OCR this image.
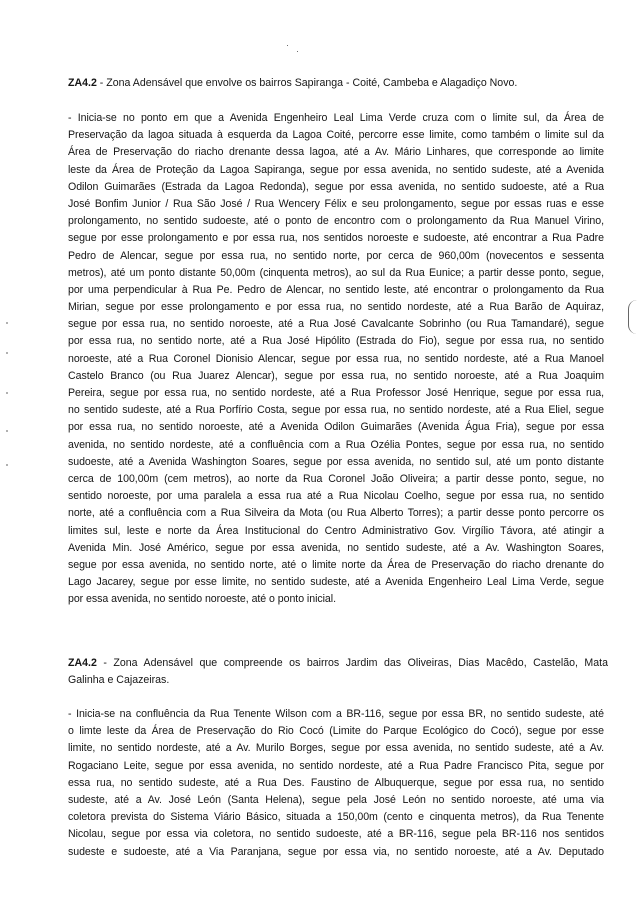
·
·

ZA4.2 - Zona Adensável que envolve os bairros Sapiranga - Coité, Cambeba e Alagadiço Novo.

- Inicia-se no ponto em que a Avenida Engenheiro Leal Lima Verde cruza com o limite sul, da Área de
Preservação da lagoa situada à esquerda da Lagoa Coité, percorre esse limite, como também o limite sul da
Área de Preservação do riacho drenante dessa lagoa, até a Av. Mário Linhares, que corresponde ao limite
leste da Área de Proteção da Lagoa Sapiranga, segue por essa avenida, no sentido sudeste, até a Avenida
Odilon Guimarães (Estrada da Lagoa Redonda), segue por essa avenida, no sentido sudoeste, até a Rua
José Bonfim Junior / Rua São José / Rua Wencery Félix e seu prolongamento, segue por essas ruas e esse
prolongamento, no sentido sudoeste, até o ponto de encontro com o prolongamento da Rua Manuel Virino,
segue por esse prolongamento e por essa rua, nos sentidos noroeste e sudoeste, até encontrar a Rua Padre
Pedro de Alencar, segue por essa rua, no sentido norte, por cerca de 960,00m (novecentos e sessenta
metros), até um ponto distante 50,00m (cinquenta metros), ao sul da Rua Eunice; a partir desse ponto, segue,
por uma perpendicular à Rua Pe. Pedro de Alencar, no sentido leste, até encontrar o prolongamento da Rua
Mirian, segue por esse prolongamento e por essa rua, no sentido nordeste, até a Rua Barão de Aquiraz,
segue por essa rua, no sentido noroeste, até a Rua José Cavalcante Sobrinho (ou Rua Tamandaré), segue
por essa rua, no sentido norte, até a Rua José Hipólito (Estrada do Fio), segue por essa rua, no sentido
noroeste, até a Rua Coronel Dionisio Alencar, segue por essa rua, no sentido nordeste, até a Rua Manoel
Castelo Branco (ou Rua Juarez Alencar), segue por essa rua, no sentido noroeste, até a Rua Joaquim
Pereira, segue por essa rua, no sentido nordeste, até a Rua Professor José Henrique, segue por essa rua,
no sentido sudeste, até a Rua Porfírio Costa, segue por essa rua, no sentido nordeste, até a Rua Eliel, segue
por essa rua, no sentido noroeste, até a Avenida Odilon Guimarães (Avenida Água Fria), segue por essa
avenida, no sentido nordeste, até a confluência com a Rua Ozélia Pontes, segue por essa rua, no sentido
sudoeste, até a Avenida Washington Soares, segue por essa avenida, no sentido sul, até um ponto distante
cerca de 100,00m (cem metros), ao norte da Rua Coronel João Oliveira; a partir desse ponto, segue, no
sentido noroeste, por uma paralela a essa rua até a Rua Nicolau Coelho, segue por essa rua, no sentido
norte, até a confluência com a Rua Silveira da Mota (ou Rua Alberto Torres); a partir desse ponto percorre os
limites sul, leste e norte da Área Institucional do Centro Administrativo Gov. Virgílio Távora, até atingir a
Avenida Min. José Américo, segue por essa avenida, no sentido sudeste, até a Av. Washington Soares,
segue por essa avenida, no sentido norte, até o limite norte da Área de Preservação do riacho drenante do
Lago Jacarey, segue por esse limite, no sentido sudeste, até a Avenida Engenheiro Leal Lima Verde, segue
por essa avenida, no sentido noroeste, até o ponto inicial.

ZA4.2 - Zona Adensável que compreende os bairros Jardim das Oliveiras, Dias Macêdo, Castelão, Mata
Galinha e Cajazeiras.

- Inicia-se na confluência da Rua Tenente Wilson com a BR-116, segue por essa BR, no sentido sudeste, até
o limte leste da Área de Preservação do Rio Cocó (Limite do Parque Ecológico do Cocó), segue por esse
limite, no sentido nordeste, até a Av. Murilo Borges, segue por essa avenida, no sentido sudeste, até a Av.
Rogaciano Leite, segue por essa avenida, no sentido nordeste, até a Rua Padre Francisco Pita, segue por
essa rua, no sentido sudeste, até a Rua Des. Faustino de Albuquerque, segue por essa rua, no sentido
sudeste, até a Av. José León (Santa Helena), segue pela José León no sentido noroeste, até uma via
coletora prevista do Sistema Viário Básico, situada a 150,00m (cento e cinquenta metros), da Rua Tenente
Nicolau, segue por essa via coletora, no sentido sudoeste, até a BR-116, segue pela BR-116 nos sentidos
sudeste e sudoeste, até a Via Paranjana, segue por essa via, no sentido noroeste, até a Av. Deputado
